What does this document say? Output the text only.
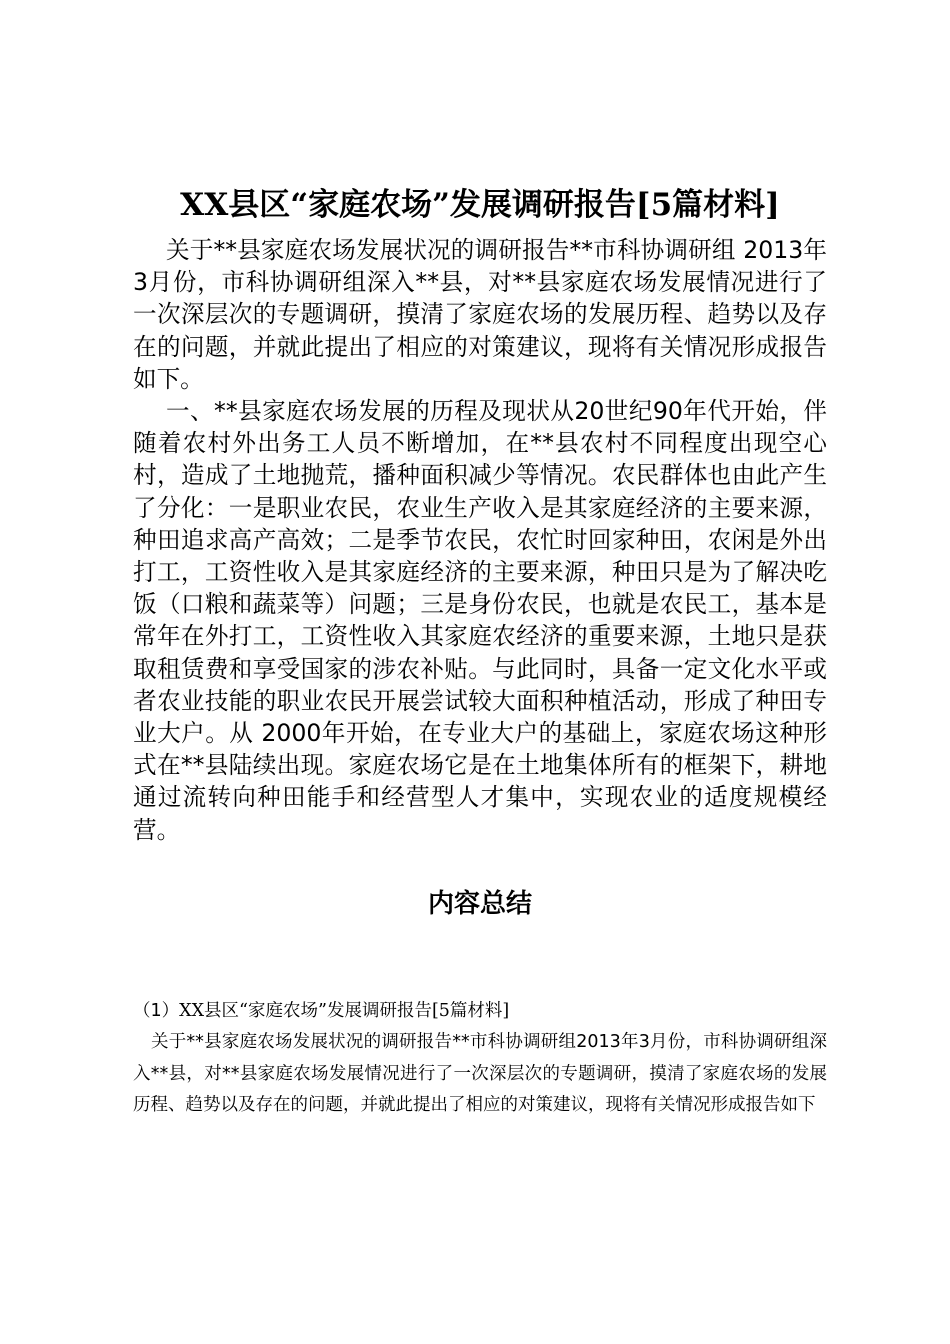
XX县区“家庭农场”发展调研报告[5篇材料]

关于**县家庭农场发展状况的调研报告**市科协调研组 2013年3月份，市科协调研组深入**县，对**县家庭农场发展情况进行了一次深层次的专题调研，摸清了家庭农场的发展历程、趋势以及存在的问题，并就此提出了相应的对策建议，现将有关情况形成报告如下。

一、**县家庭农场发展的历程及现状从20世纪90年代开始，伴随着农村外出务工人员不断增加，在**县农村不同程度出现空心村，造成了土地抛荒，播种面积减少等情况。农民群体也由此产生了分化：一是职业农民，农业生产收入是其家庭经济的主要来源，种田追求高产高效；二是季节农民，农忙时回家种田，农闲是外出打工，工资性收入是其家庭经济的主要来源，种田只是为了解决吃饭（口粮和蔬菜等）问题；三是身份农民，也就是农民工，基本是常年在外打工，工资性收入其家庭农经济的重要来源，土地只是获取租赁费和享受国家的涉农补贴。与此同时，具备一定文化水平或者农业技能的职业农民开展尝试较大面积种植活动，形成了种田专业大户。从 2000年开始，在专业大户的基础上，家庭农场这种形式在**县陆续出现。家庭农场它是在土地集体所有的框架下，耕地通过流转向种田能手和经营型人才集中，实现农业的适度规模经营。

内容总结
（1）XX县区“家庭农场”发展调研报告[5篇材料]

关于**县家庭农场发展状况的调研报告**市科协调研组2013年3月份，市科协调研组深入**县，对**县家庭农场发展情况进行了一次深层次的专题调研，摸清了家庭农场的发展历程、趋势以及存在的问题，并就此提出了相应的对策建议，现将有关情况形成报告如下
